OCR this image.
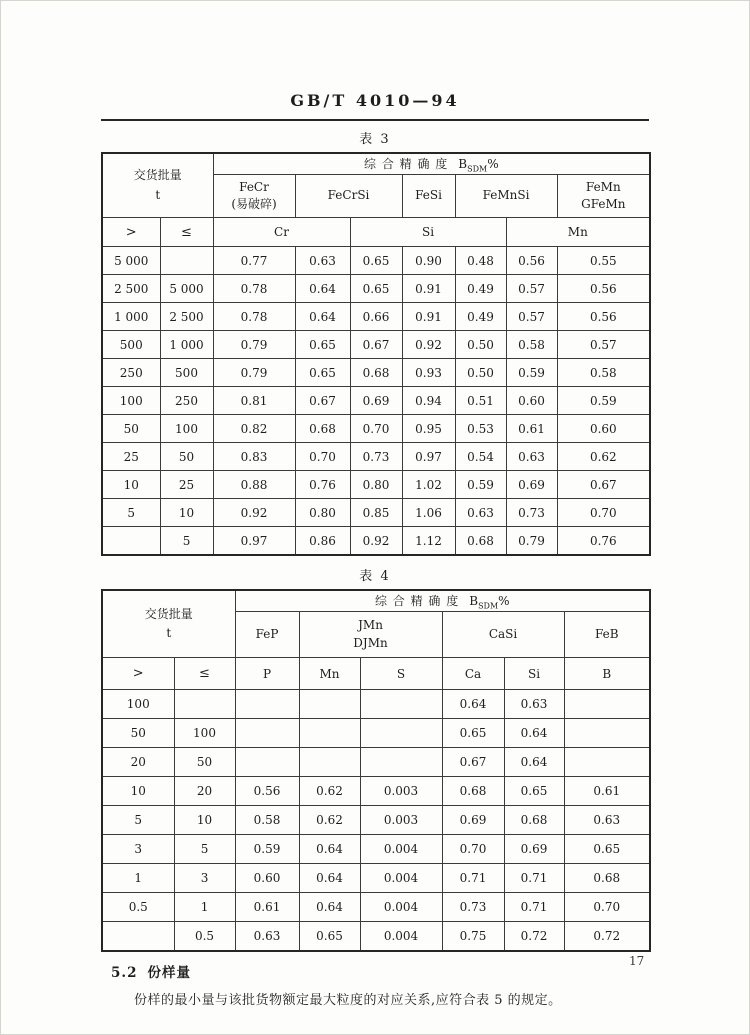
GB/T 4010—94
表 3
交货批量
t		综 合 精 确 度 $B_{SDM}\%$						

FeCr
(易破碎)

FeCrSi	FeSi	FeMnSi

FeMn
GFeMn

>	≤	Cr		Si			Mn	
5 000		0.77	0.63	0.65	0.90	0.48	0.56	0.55
2 500	5 000	0.78	0.64	0.65	0.91	0.49	0.57	0.56
1 000	2 500	0.78	0.64	0.66	0.91	0.49	0.57	0.56
500	1 000	0.79	0.65	0.67	0.92	0.50	0.58	0.57
250	500	0.79	0.65	0.68	0.93	0.50	0.59	0.58
100	250	0.81	0.67	0.69	0.94	0.51	0.60	0.59
50	100	0.82	0.68	0.70	0.95	0.53	0.61	0.60
25	50	0.83	0.70	0.73	0.97	0.54	0.63	0.62
10	25	0.88	0.76	0.80	1.02	0.59	0.69	0.67
5	10	0.92	0.80	0.85	1.06	0.63	0.73	0.70
	5	0.97	0.86	0.92	1.12	0.68	0.79	0.76
表 4
交货批量
t		综 合 精 确 度 $B_{SDM}\%$					

		FeP	JMn
DJMn		CaSi		FeB

>	≤	P	Mn	S	Ca	Si	B
100					0.64	0.63	
50	100				0.65	0.64	
20	50				0.67	0.64	
10	20	0.56	0.62	0.003	0.68	0.65	0.61
5	10	0.58	0.62	0.003	0.69	0.68	0.63
3	5	0.59	0.64	0.004	0.70	0.69	0.65
1	3	0.60	0.64	0.004	0.71	0.71	0.68
0.5	1	0.61	0.64	0.004	0.73	0.71	0.70
	0.5	0.63	0.65	0.004	0.75	0.72	0.72
5.2 份样量

份样的最小量与该批货物额定最大粒度的对应关系,应符合表 5 的规定。

17
